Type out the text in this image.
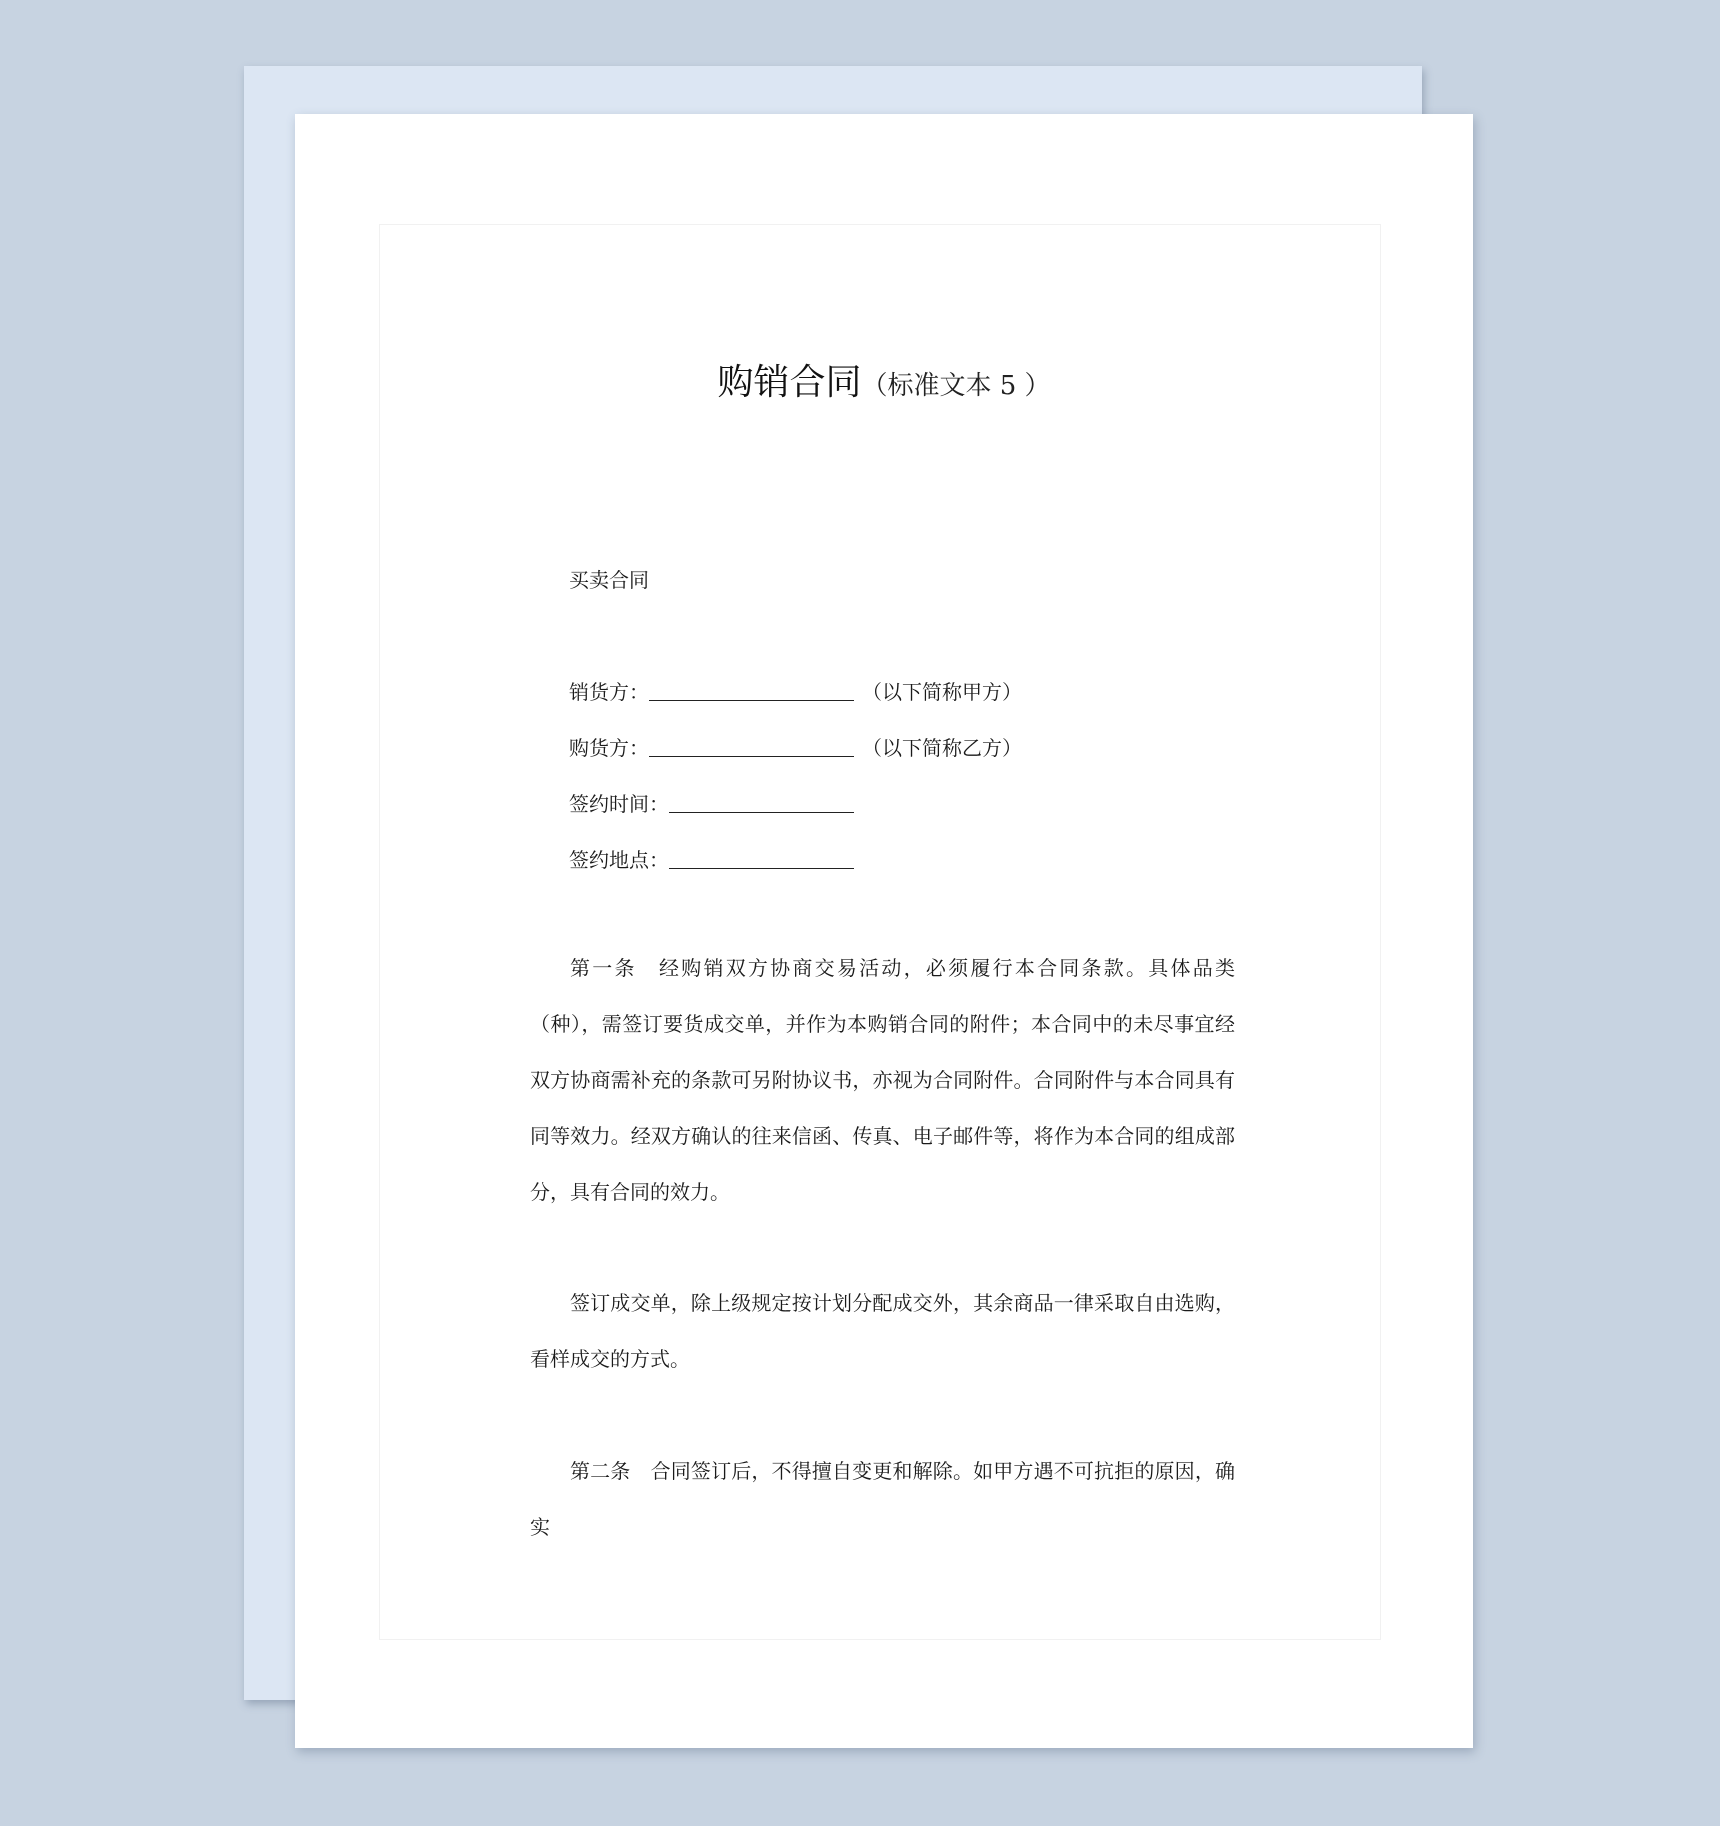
购销合同（标准文本 5 ）
买卖合同
销货方：	（以下简称甲方）
购货方：	（以下简称乙方）
签约时间：
签约地点：
第一条　经购销双方协商交易活动，必须履行本合同条款。具体品类（种），需签订要货成交单，并作为本购销合同的附件；本合同中的未尽事宜经双方协商需补充的条款可另附协议书，亦视为合同附件。合同附件与本合同具有同等效力。经双方确认的往来信函、传真、电子邮件等，将作为本合同的组成部分，具有合同的效力。
签订成交单，除上级规定按计划分配成交外，其余商品一律采取自由选购，看样成交的方式。
第二条　合同签订后，不得擅自变更和解除。如甲方遇不可抗拒的原因，确实
